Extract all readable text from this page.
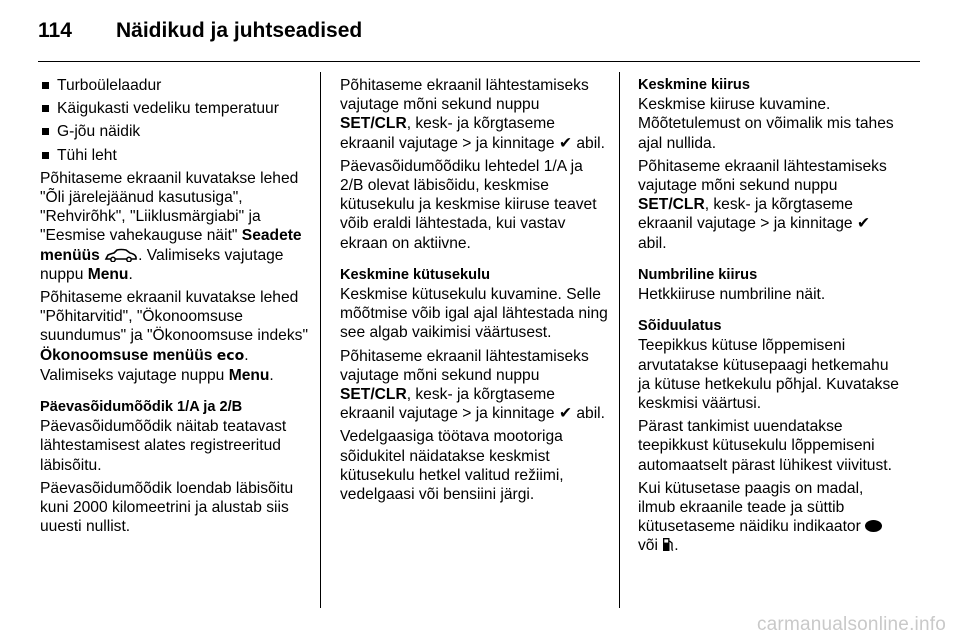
114 Näidikud ja juhtseadised

Turboülelaadur

Käigukasti vedeliku temperatuur

G-jõu näidik

Tühi leht

Põhitaseme ekraanil kuvatakse lehed "Õli järelejäänud kasutusiga", "Rehvirõhk", "Liiklusmärgiabi" ja "Eesmise vahekauguse näit" Seadete menüüs . Valimiseks vajutage nuppu Menu.

Põhitaseme ekraanil kuvatakse lehed "Põhitarvitid", "Ökonoomsuse suundumus" ja "Ökonoomsuse indeks" Ökonoomsuse menüüs eco. Valimiseks vajutage nuppu Menu.

Päevasõidumõõdik 1/A ja 2/B

Päevasõidumõõdik näitab teatavast lähtestamisest alates registreeritud läbisõitu.

Päevasõidumõõdik loendab läbisõitu kuni 2000 kilomeetrini ja alustab siis uuesti nullist.

Põhitaseme ekraanil lähtestamiseks vajutage mõni sekund nuppu SET/CLR, kesk- ja kõrgtaseme ekraanil vajutage > ja kinnitage ✔ abil.

Päevasõidumõõdiku lehtedel 1/A ja 2/B olevat läbisõidu, keskmise kütusekulu ja keskmise kiiruse teavet võib eraldi lähtestada, kui vastav ekraan on aktiivne.

Keskmine kütusekulu

Keskmise kütusekulu kuvamine. Selle mõõtmise võib igal ajal lähtestada ning see algab vaikimisi väärtusest.

Põhitaseme ekraanil lähtestamiseks vajutage mõni sekund nuppu SET/CLR, kesk- ja kõrgtaseme ekraanil vajutage > ja kinnitage ✔ abil.

Vedelgaasiga töötava mootoriga sõidukitel näidatakse keskmist kütusekulu hetkel valitud režiimi, vedelgaasi või bensiini järgi.

Keskmine kiirus

Keskmise kiiruse kuvamine. Mõõtetulemust on võimalik mis tahes ajal nullida.

Põhitaseme ekraanil lähtestamiseks vajutage mõni sekund nuppu SET/CLR, kesk- ja kõrgtaseme ekraanil vajutage > ja kinnitage ✔ abil.

Numbriline kiirus

Hetkkiiruse numbriline näit.

Sõiduulatus

Teepikkus kütuse lõppemiseni arvutatakse kütusepaagi hetkemahu ja kütuse hetkekulu põhjal. Kuvatakse keskmisi väärtusi.

Pärast tankimist uuendatakse teepikkust kütusekulu lõppemiseni automaatselt pärast lühikest viivitust.

Kui kütusetase paagis on madal, ilmub ekraanile teade ja süttib kütusetaseme näidiku indikaator  või .

carmanualsonline.info
